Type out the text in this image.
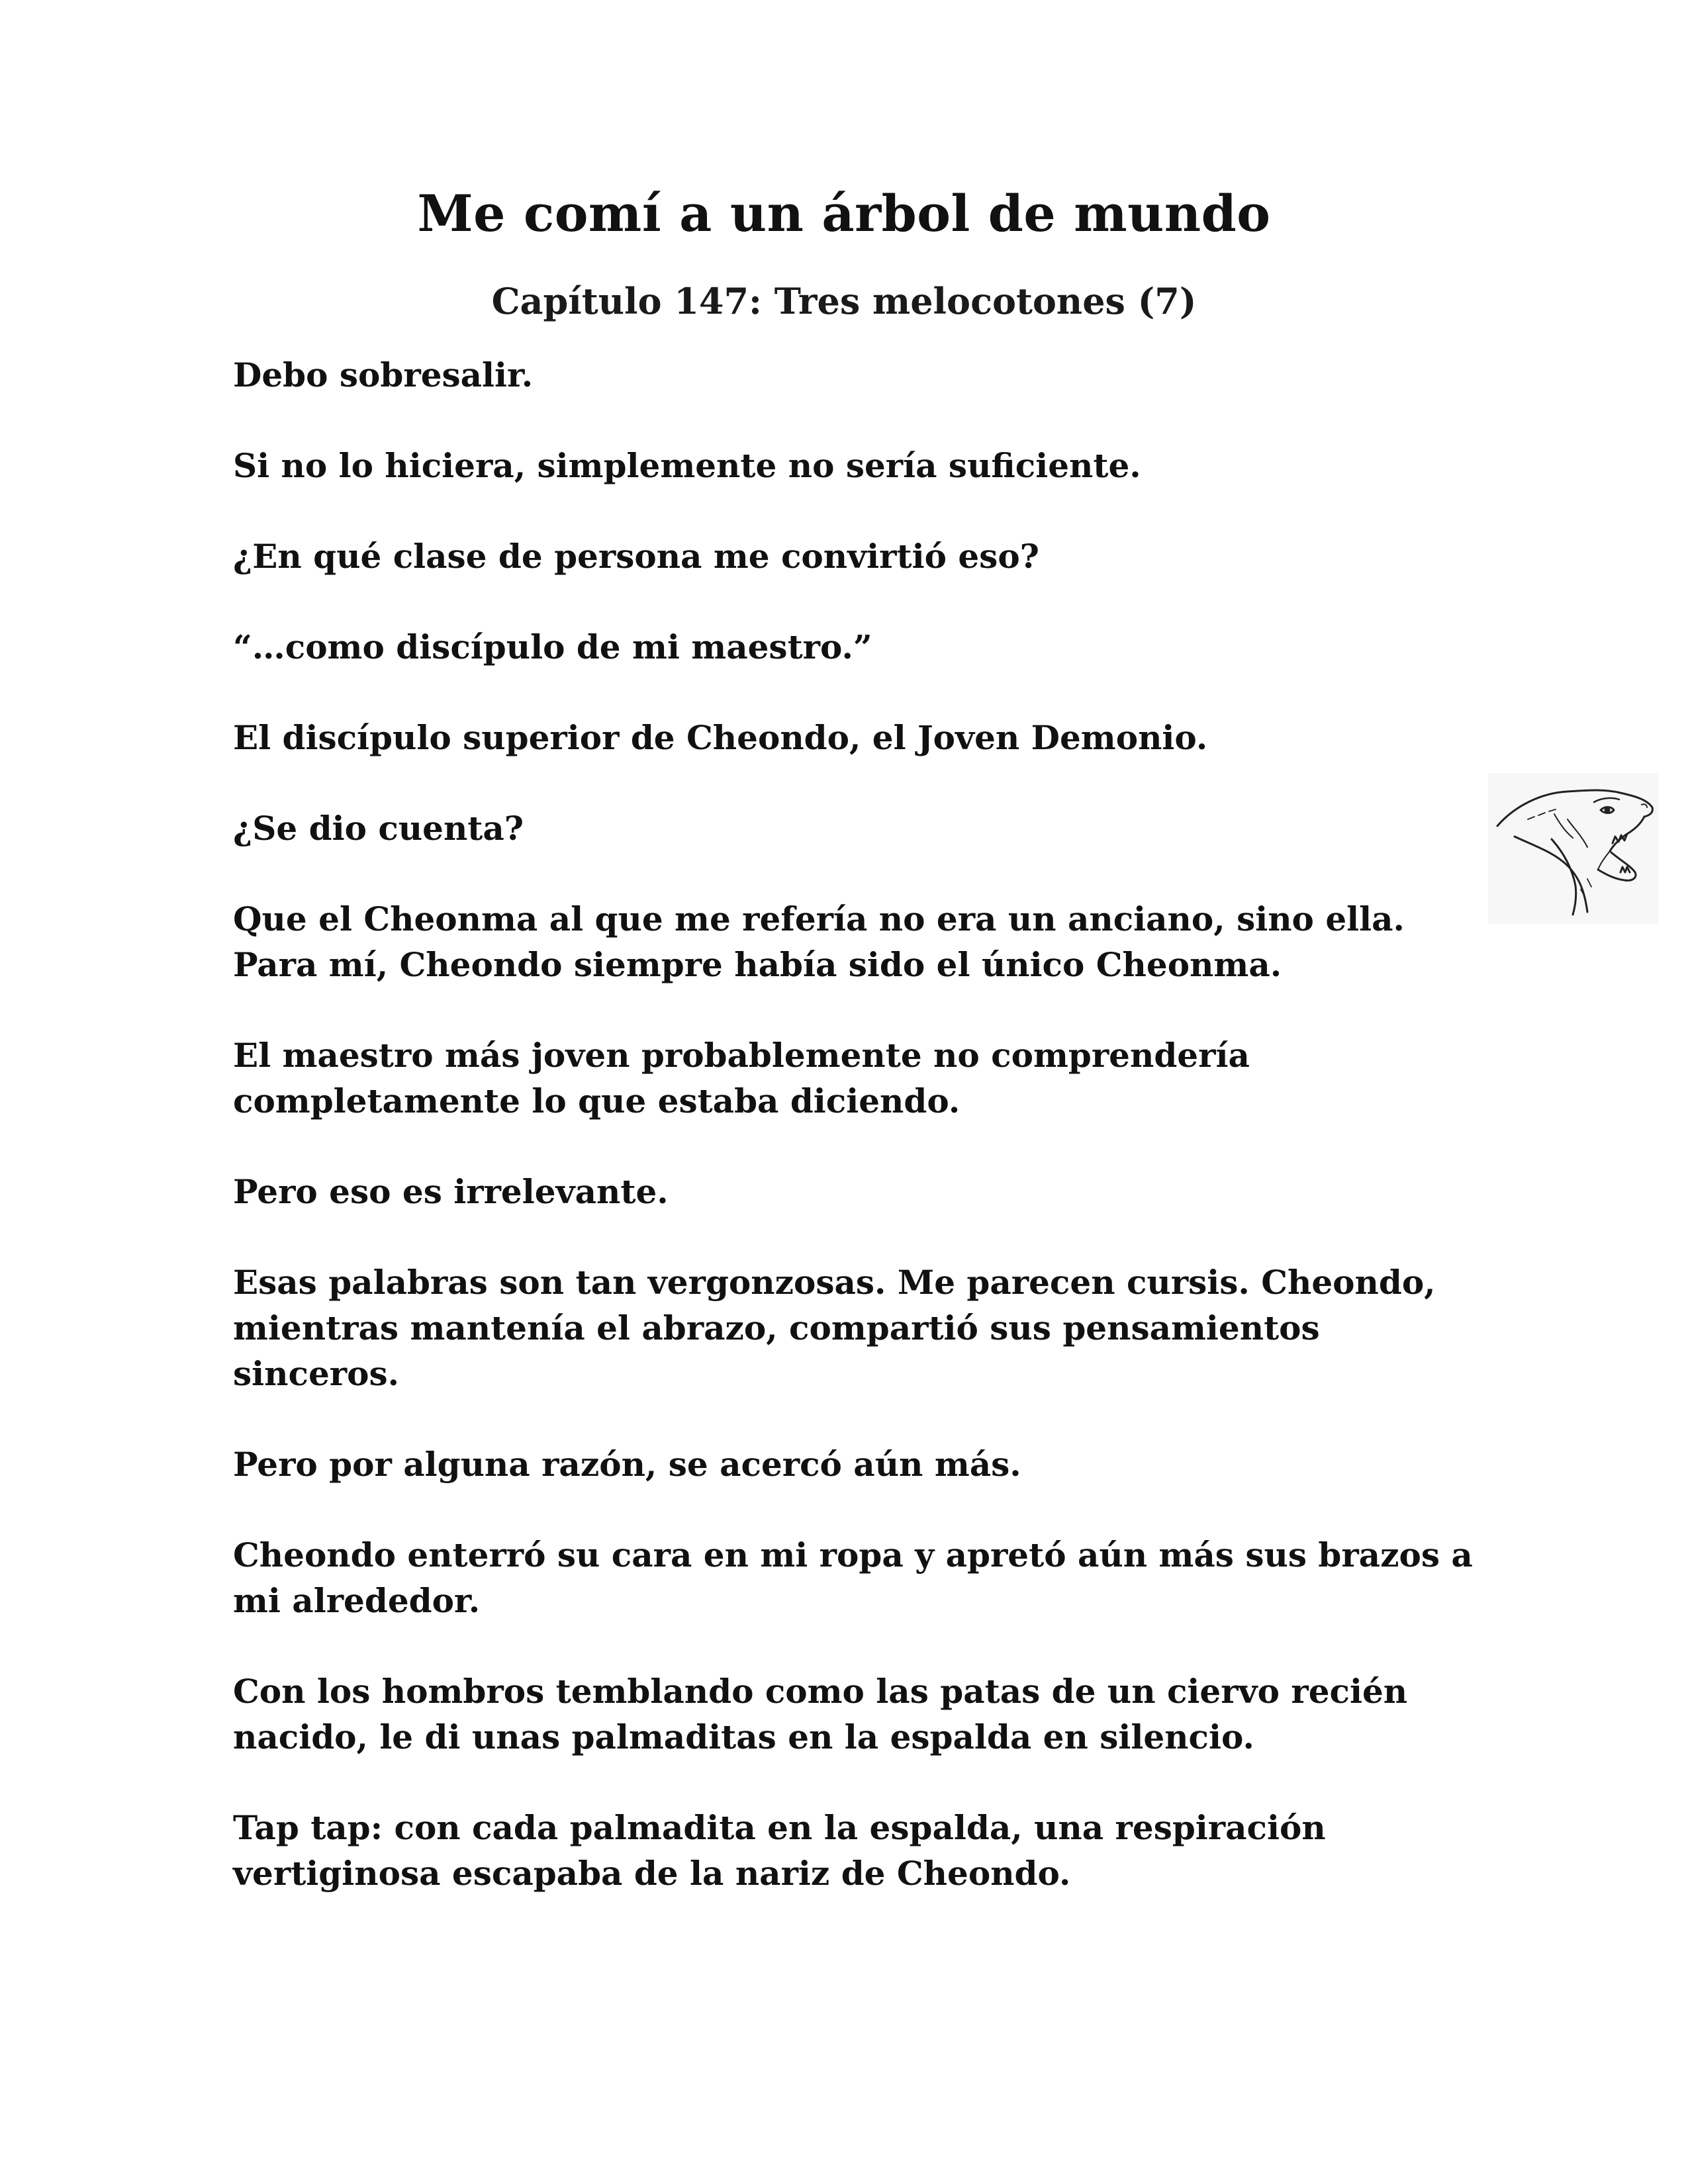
Me comí a un árbol de mundo
Capítulo 147: Tres melocotones (7)

Debo sobresalir.

Si no lo hiciera, simplemente no sería suficiente.

¿En qué clase de persona me convirtió eso?

“…como discípulo de mi maestro.”

El discípulo superior de Cheondo, el Joven Demonio.

¿Se dio cuenta?

Que el Cheonma al que me refería no era un anciano, sino ella. Para mí, Cheondo siempre había sido el único Cheonma.

El maestro más joven probablemente no comprendería completamente lo que estaba diciendo.

Pero eso es irrelevante.

Esas palabras son tan vergonzosas. Me parecen cursis. Cheondo, mientras mantenía el abrazo, compartió sus pensamientos sinceros.

Pero por alguna razón, se acercó aún más.

Cheondo enterró su cara en mi ropa y apretó aún más sus brazos a mi alrededor.

Con los hombros temblando como las patas de un ciervo recién nacido, le di unas palmaditas en la espalda en silencio.

Tap tap: con cada palmadita en la espalda, una respiración vertiginosa escapaba de la nariz de Cheondo.
